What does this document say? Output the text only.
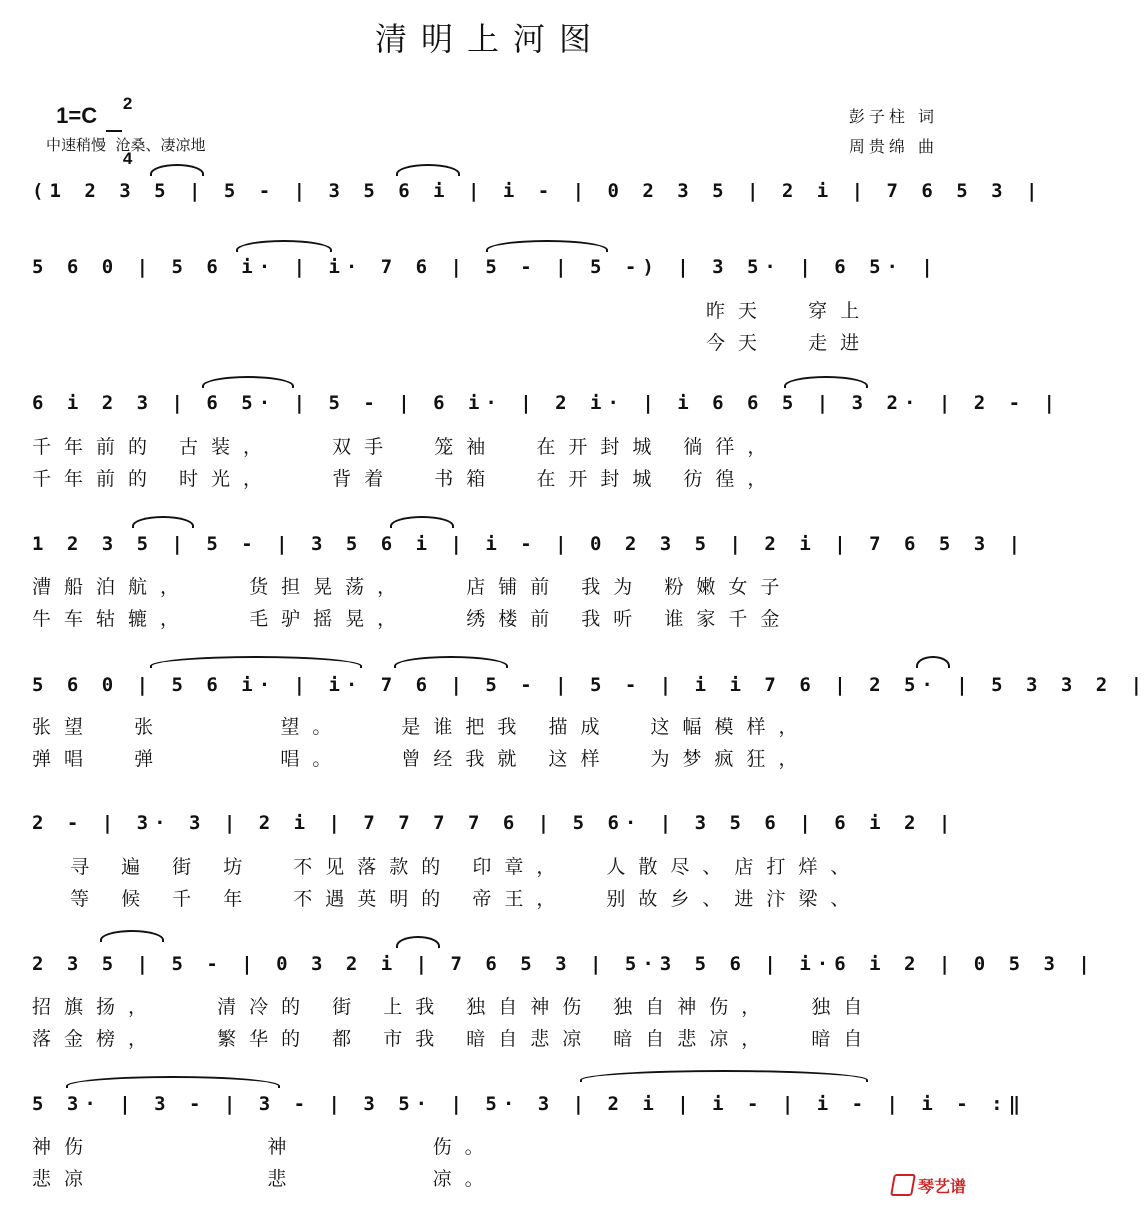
清明上河图

1=C
	2

4

中速稍慢  沧桑、凄凉地
彭子柱 词
周贵绵 曲
(1 2 3 5 | 5 - | 3 5 6 i | i - | 0 2 3 5 | 2 i | 7 6 5 3 |
5 6 0 | 5 6 i· | i· 7 6 | 5 - | 5 -) | 3 5· | 6 5· |
昨天  穿上
今天  走进
6 i 2 3 | 6 5· | 5 - | 6 i· | 2 i· | i 6 6 5 | 3 2· | 2 - |
千年前的 古装，   双手  笼袖  在开封城 徜徉，
千年前的 时光，   背着  书箱  在开封城 彷徨，
1 2 3 5 | 5 - | 3 5 6 i | i - | 0 2 3 5 | 2 i | 7 6 5 3 |
漕船泊航，   货担晃荡，   店铺前 我为 粉嫩女子
牛车轱辘，   毛驴摇晃，   绣楼前 我听 谁家千金
5 6 0 | 5 6 i· | i· 7 6 | 5 - | 5 - | i i 7 6 | 2 5· | 5 3 3 2 |
张望  张      望。   是谁把我 描成  这幅模样，
弹唱  弹      唱。   曾经我就 这样  为梦疯狂，
2 - | 3· 3 | 2 i | 7 7 7 7 6 | 5 6· | 3 5 6 | 6 i 2 |
寻 遍 街 坊  不见落款的 印章，  人散尽、店打烊、
等 候 千 年  不遇英明的 帝王，  别故乡、进汴梁、
2 3 5 | 5 - | 0 3 2 i | 7 6 5 3 | 5·3 5 6 | i·6 i 2 | 0 5 3 |
招旗扬，   清冷的 街 上我 独自神伤 独自神伤，  独自
落金榜，   繁华的 都 市我 暗自悲凉 暗自悲凉，  暗自
5 3· | 3 - | 3 - | 3 5· | 5· 3 | 2 i | i - | i - | i - :‖
神伤         神       伤。
悲凉         悲       凉。	琴艺谱
